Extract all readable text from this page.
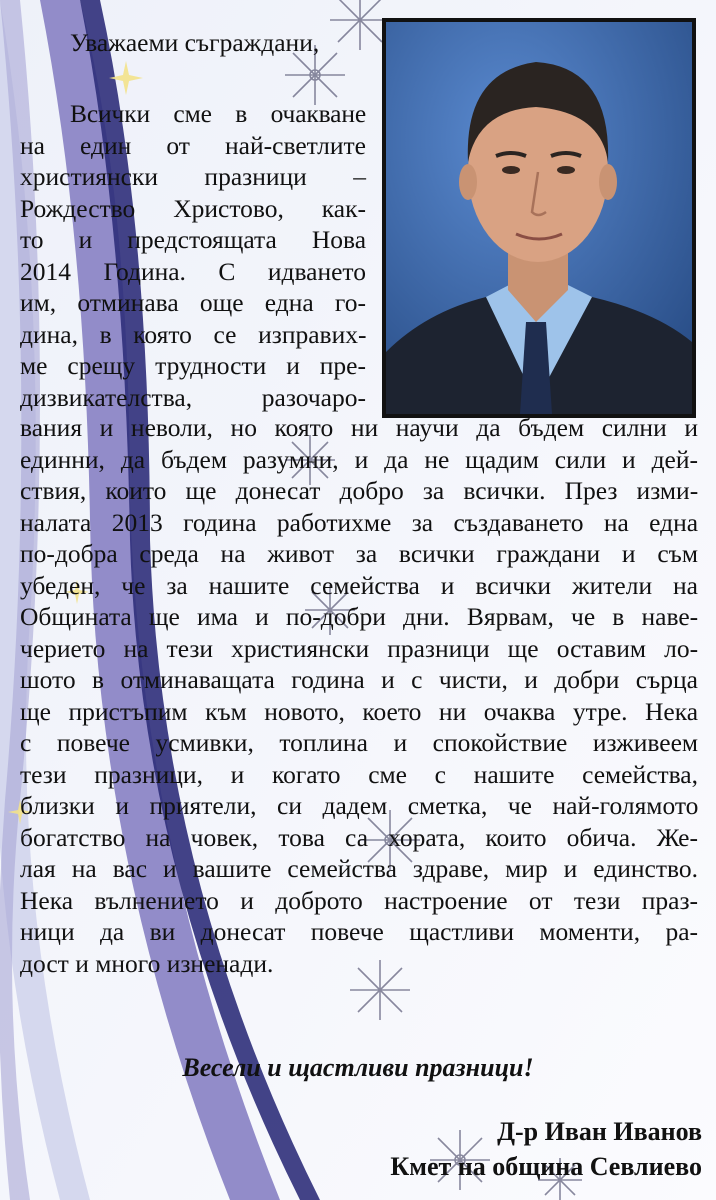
Уважаеми съграждани,
Всички сме в очакване
на един от най-светлите
християнски празници –
Рождество Христово, как-
то и предстоящата Нова
2014 Година. С идването
им, отминава още една го-
дина, в която се изправих-
ме срещу трудности и пре-
дизвикателства, разочаро-
вания и неволи, но която ни научи да бъдем силни и
единни, да бъдем разумни, и да не щадим сили и дей-
ствия, които ще донесат добро за всички. През изми-
налата 2013 година работихме за създаването на една
по-добра среда на живот за всички граждани и съм
убеден, че за нашите семейства и всички жители на
Общината ще има и по-добри дни. Вярвам, че в наве-
черието на тези християнски празници ще оставим ло-
шото в отминаващата година и с чисти, и добри сърца
ще пристъпим към новото, което ни очаква утре. Нека
с повече усмивки, топлина и спокойствие изживеем
тези празници, и когато сме с нашите семейства,
близки и приятели, си дадем сметка, че най-голямото
богатство на човек, това са хората, които обича. Же-
лая на вас и вашите семейства здраве, мир и единство.
Нека вълнението и доброто настроение от тези праз-
ници да ви донесат повече щастливи моменти, ра-
дост и много изненади.
Весели и щастливи празници!
Д-р Иван Иванов
Кмет на община Севлиево
